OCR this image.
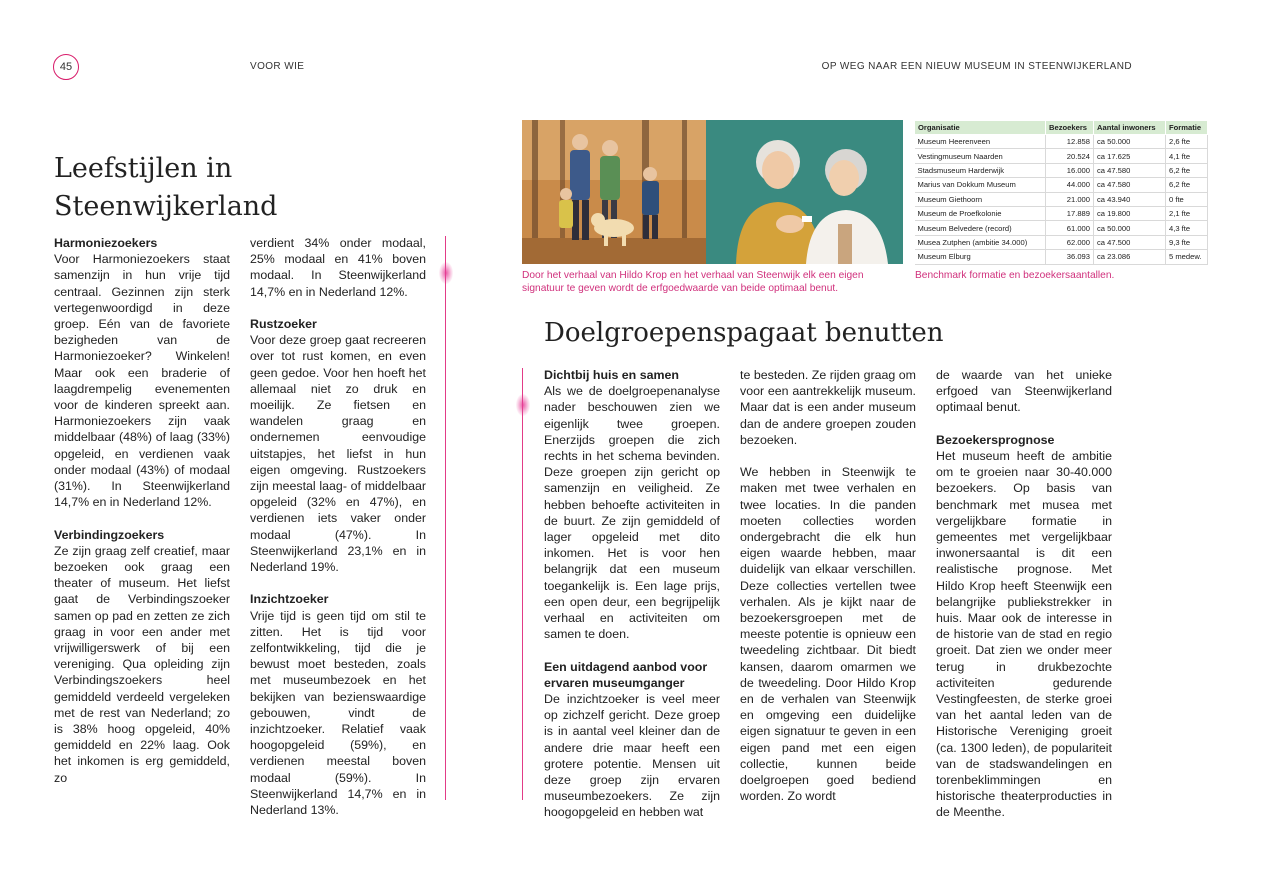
45	VOOR WIE	OP WEG NAAR EEN NIEUW MUSEUM IN STEENWIJKERLAND
Leefstijlen in
Steenwijkerland
Harmoniezoekers

Voor Harmoniezoekers staat samenzijn in hun vrije tijd centraal. Gezinnen zijn sterk vertegenwoordigd in deze groep. Eén van de favoriete bezigheden van de Harmoniezoeker? Winkelen! Maar ook een braderie of laagdrempelig evenementen voor de kinderen spreekt aan. Harmoniezoekers zijn vaak middelbaar (48%) of laag (33%) opgeleid, en verdienen vaak onder modaal (43%) of modaal (31%). In Steenwijkerland 14,7% en in Nederland 12%.

Verbindingzoekers

Ze zijn graag zelf creatief, maar bezoeken ook graag een theater of museum. Het liefst gaat de Verbindingszoeker samen op pad en zetten ze zich graag in voor een ander met vrijwilligerswerk of bij een vereniging. Qua opleiding zijn Verbindingszoekers heel gemiddeld verdeeld vergeleken met de rest van Nederland; zo is 38% hoog opgeleid, 40% gemiddeld en 22% laag. Ook het inkomen is erg gemiddeld, zo

verdient 34% onder modaal, 25% modaal en 41% boven modaal. In Steenwijkerland 14,7% en in Nederland 12%.

Rustzoeker

Voor deze groep gaat recreeren over tot rust komen, en even geen gedoe. Voor hen hoeft het allemaal niet zo druk en moeilijk. Ze fietsen en wandelen graag en ondernemen eenvoudige uitstapjes, het liefst in hun eigen omgeving. Rustzoekers zijn meestal laag- of middelbaar opgeleid (32% en 47%), en verdienen iets vaker onder modaal (47%). In Steenwijkerland 23,1% en in Nederland 19%.

Inzichtzoeker

Vrije tijd is geen tijd om stil te zitten. Het is tijd voor zelfontwikkeling, tijd die je bewust moet besteden, zoals met museumbezoek en het bekijken van bezienswaardige gebouwen, vindt de inzichtzoeker. Relatief vaak hoogopgeleid (59%), en verdienen meestal boven modaal (59%). In Steenwijkerland 14,7% en in Nederland 13%.

Door het verhaal van Hildo Krop en het verhaal van Steenwijk elk een eigen signatuur te geven wordt de erfgoedwaarde van beide optimaal benut.

Organisatie	Bezoekers	Aantal inwoners	Formatie
Museum Heerenveen	12.858	ca 50.000	2,6 fte
Vestingmuseum Naarden	20.524	ca 17.625	4,1 fte
Stadsmuseum Harderwijk	16.000	ca 47.580	6,2 fte
Marius van Dokkum Museum	44.000	ca 47.580	6,2 fte
Museum Giethoorn	21.000	ca 43.940	0 fte
Museum de Proefkolonie	17.889	ca 19.800	2,1 fte
Museum Belvedere (record)	61.000	ca 50.000	4,3 fte
Musea Zutphen (ambitie 34.000)	62.000	ca 47.500	9,3 fte
Museum Elburg	36.093	ca 23.086	5 medew.

Benchmark formatie en bezoekersaantallen.

Doelgroepenspagaat benutten
Dichtbij huis en samen

Als we de doelgroepenanalyse nader beschouwen zien we eigenlijk twee groepen. Enerzijds groepen die zich rechts in het schema bevinden. Deze groepen zijn gericht op samenzijn en veiligheid. Ze hebben behoefte activiteiten in de buurt. Ze zijn gemiddeld of lager opgeleid met dito inkomen. Het is voor hen belangrijk dat een museum toegankelijk is. Een lage prijs, een open deur, een begrijpelijk verhaal en activiteiten om samen te doen.

Een uitdagend aanbod voor ervaren museumganger

De inzichtzoeker is veel meer op zichzelf gericht. Deze groep is in aantal veel kleiner dan de andere drie maar heeft een grotere potentie. Mensen uit deze groep zijn ervaren museumbezoekers. Ze zijn hoogopgeleid en hebben wat

te besteden. Ze rijden graag om voor een aantrekkelijk museum. Maar dat is een ander museum dan de andere groepen zouden bezoeken.

We hebben in Steenwijk te maken met twee verhalen en twee locaties. In die panden moeten collecties worden ondergebracht die elk hun eigen waarde hebben, maar duidelijk van elkaar verschillen. Deze collecties vertellen twee verhalen. Als je kijkt naar de bezoekersgroepen met de meeste potentie is opnieuw een tweedeling zichtbaar. Dit biedt kansen, daarom omarmen we de tweedeling. Door Hildo Krop en de verhalen van Steenwijk en omgeving een duidelijke eigen signatuur te geven in een eigen pand met een eigen collectie, kunnen beide doelgroepen goed bediend worden. Zo wordt

de waarde van het unieke erfgoed van Steenwijkerland optimaal benut.

Bezoekersprognose

Het museum heeft de ambitie om te groeien naar 30-40.000 bezoekers. Op basis van benchmark met musea met vergelijkbare formatie in gemeentes met vergelijkbaar inwonersaantal is dit een realistische prognose. Met Hildo Krop heeft Steenwijk een belangrijke publiekstrekker in huis. Maar ook de interesse in de historie van de stad en regio groeit. Dat zien we onder meer terug in drukbezochte activiteiten gedurende Vestingfeesten, de sterke groei van het aantal leden van de Historische Vereniging groeit (ca. 1300 leden), de populariteit van de stadswandelingen en torenbeklimmingen en historische theaterproducties in de Meenthe.
